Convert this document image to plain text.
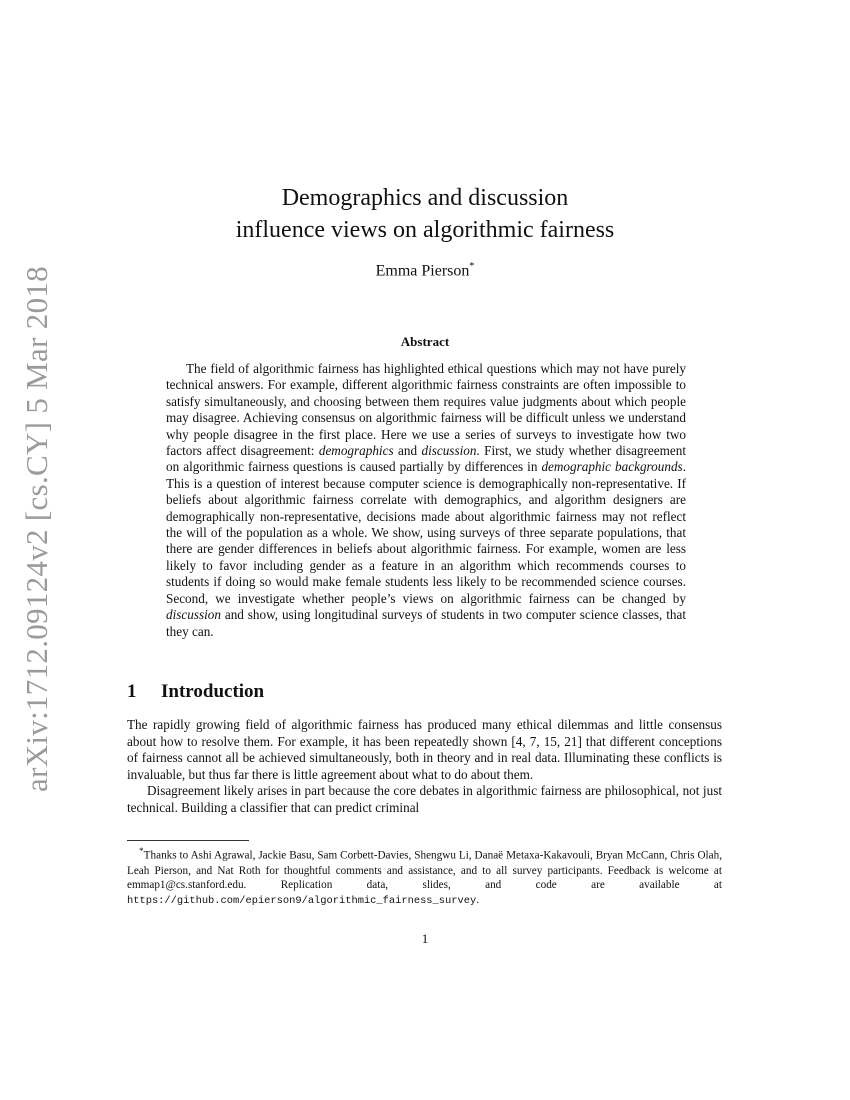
arXiv:1712.09124v2 [cs.CY] 5 Mar 2018
Demographics and discussion
influence views on algorithmic fairness
Emma Pierson*
Abstract

The field of algorithmic fairness has highlighted ethical questions which may not have purely technical answers. For example, different algorithmic fairness constraints are often impossible to satisfy simultaneously, and choosing between them requires value judgments about which people may disagree. Achieving consensus on algorithmic fairness will be difficult unless we understand why people disagree in the first place. Here we use a series of surveys to investigate how two factors affect disagreement: demographics and discussion. First, we study whether disagreement on algorithmic fairness questions is caused partially by differences in demographic backgrounds. This is a question of interest because computer science is demographically non-representative. If beliefs about algorithmic fairness correlate with demographics, and algorithm designers are demographically non-representative, decisions made about algorithmic fairness may not reflect the will of the population as a whole. We show, using surveys of three separate populations, that there are gender differences in beliefs about algorithmic fairness. For example, women are less likely to favor including gender as a feature in an algorithm which recommends courses to students if doing so would make female students less likely to be recommended science courses. Second, we investigate whether people’s views on algorithmic fairness can be changed by discussion and show, using longitudinal surveys of students in two computer science classes, that they can.

1 Introduction

The rapidly growing field of algorithmic fairness has produced many ethical dilemmas and little consensus about how to resolve them. For example, it has been repeatedly shown [4, 7, 15, 21] that different conceptions of fairness cannot all be achieved simultaneously, both in theory and in real data. Illuminating these conflicts is invaluable, but thus far there is little agreement about what to do about them.

Disagreement likely arises in part because the core debates in algorithmic fairness are philosophical, not just technical. Building a classifier that can predict criminal

*Thanks to Ashi Agrawal, Jackie Basu, Sam Corbett-Davies, Shengwu Li, Danaë Metaxa-Kakavouli, Bryan McCann, Chris Olah, Leah Pierson, and Nat Roth for thoughtful comments and assistance, and to all survey participants. Feedback is welcome at emmap1@cs.stanford.edu. Replication data, slides, and code are available at https://github.com/epierson9/algorithmic_fairness_survey.

1
